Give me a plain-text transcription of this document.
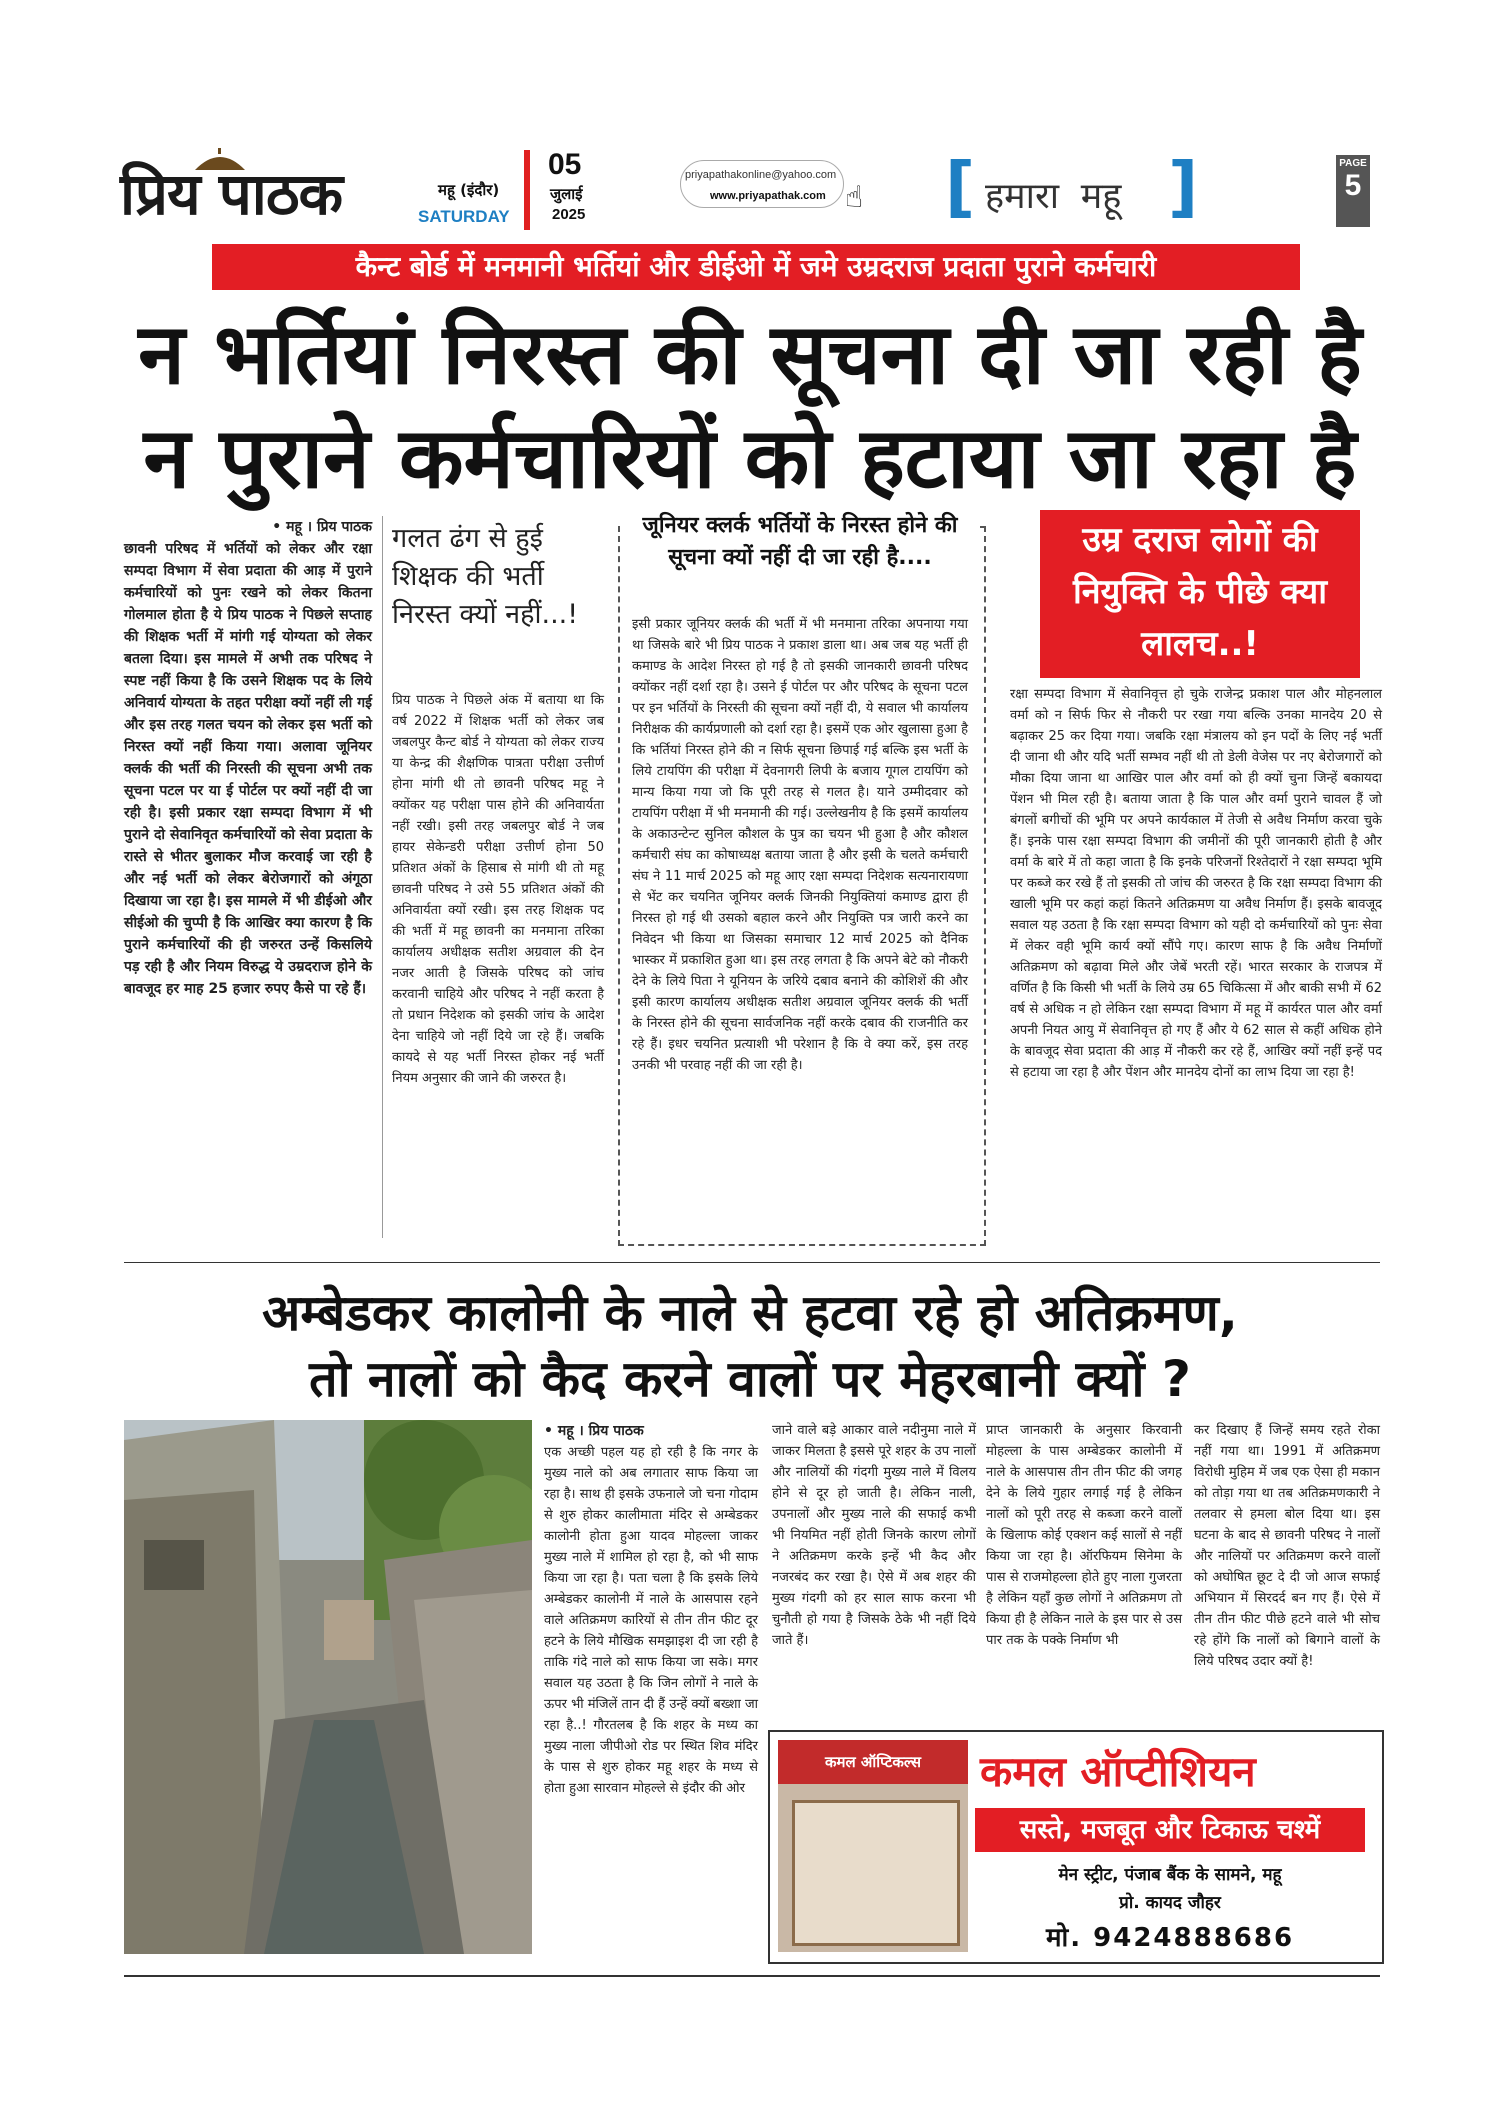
प्रिय पाठक	महू (इंदौर)
SATURDAY
05
जुलाई
2025
priyapathakonline@yahoo.com
www.priyapathak.com ☝ [ हमारा महू ]	PAGE
5
कैन्ट बोर्ड में मनमानी भर्तियां और डीईओ में जमे उम्रदराज प्रदाता पुराने कर्मचारी
न भर्तियां निरस्त की सूचना दी जा रही है
न पुराने कर्मचारियों को हटाया जा रहा है
• महू । प्रिय पाठक
छावनी परिषद में भर्तियों को लेकर और रक्षा सम्पदा विभाग में सेवा प्रदाता की आड़ में पुराने कर्मचारियों को पुनः रखने को लेकर कितना गोलमाल होता है ये प्रिय पाठक ने पिछले सप्ताह की शिक्षक भर्ती में मांगी गई योग्यता को लेकर बतला दिया। इस मामले में अभी तक परिषद ने स्पष्ट नहीं किया है कि उसने शिक्षक पद के लिये अनिवार्य योग्यता के तहत परीक्षा क्यों नहीं ली गई और इस तरह गलत चयन को लेकर इस भर्ती को निरस्त क्यों नहीं किया गया। अलावा जूनियर क्लर्क की भर्ती की निरस्ती की सूचना अभी तक सूचना पटल पर या ई पोर्टल पर क्यों नहीं दी जा रही है। इसी प्रकार रक्षा सम्पदा विभाग में भी पुराने दो सेवानिवृत कर्मचारियों को सेवा प्रदाता के रास्ते से भीतर बुलाकर मौज करवाई जा रही है और नई भर्ती को लेकर बेरोजगारों को अंगूठा दिखाया जा रहा है। इस मामले में भी डीईओ और सीईओ की चुप्पी है कि आखिर क्या कारण है कि पुराने कर्मचारियों की ही जरुरत उन्हें किसलिये पड़ रही है और नियम विरुद्ध ये उम्रदराज होने के बावजूद हर माह 25 हजार रुपए कैसे पा रहे हैं।
गलत ढंग से हुई शिक्षक की भर्ती निरस्त क्यों नहीं...!
प्रिय पाठक ने पिछले अंक में बताया था कि वर्ष 2022 में शिक्षक भर्ती को लेकर जब जबलपुर कैन्ट बोर्ड ने योग्यता को लेकर राज्य या केन्द्र की शैक्षणिक पात्रता परीक्षा उत्तीर्ण होना मांगी थी तो छावनी परिषद महू ने क्योंकर यह परीक्षा पास होने की अनिवार्यता नहीं रखी। इसी तरह जबलपुर बोर्ड ने जब हायर सेकेन्डरी परीक्षा उत्तीर्ण होना 50 प्रतिशत अंकों के हिसाब से मांगी थी तो महू छावनी परिषद ने उसे 55 प्रतिशत अंकों की अनिवार्यता क्यों रखी। इस तरह शिक्षक पद की भर्ती में महू छावनी का मनमाना तरिका कार्यालय अधीक्षक सतीश अग्रवाल की देन नजर आती है जिसके परिषद को जांच करवानी चाहिये और परिषद ने नहीं करता है तो प्रधान निदेशक को इसकी जांच के आदेश देना चाहिये जो नहीं दिये जा रहे हैं। जबकि कायदे से यह भर्ती निरस्त होकर नई भर्ती नियम अनुसार की जाने की जरुरत है।
जूनियर क्लर्क भर्तियों के निरस्त होने की सूचना क्यों नहीं दी जा रही है....
इसी प्रकार जूनियर क्लर्क की भर्ती में भी मनमाना तरिका अपनाया गया था जिसके बारे भी प्रिय पाठक ने प्रकाश डाला था। अब जब यह भर्ती ही कमाण्ड के आदेश निरस्त हो गई है तो इसकी जानकारी छावनी परिषद क्योंकर नहीं दर्शा रहा है। उसने ई पोर्टल पर और परिषद के सूचना पटल पर इन भर्तियों के निरस्ती की सूचना क्यों नहीं दी, ये सवाल भी कार्यालय निरीक्षक की कार्यप्रणाली को दर्शा रहा है। इसमें एक ओर खुलासा हुआ है कि भर्तियां निरस्त होने की न सिर्फ सूचना छिपाई गई बल्कि इस भर्ती के लिये टायपिंग की परीक्षा में देवनागरी लिपी के बजाय गूगल टायपिंग को मान्य किया गया जो कि पूरी तरह से गलत है। याने उम्मीदवार को टायपिंग परीक्षा में भी मनमानी की गई। उल्लेखनीय है कि इसमें कार्यालय के अकाउन्टेन्ट सुनिल कौशल के पुत्र का चयन भी हुआ है और कौशल कर्मचारी संघ का कोषाध्यक्ष बताया जाता है और इसी के चलते कर्मचारी संघ ने 11 मार्च 2025 को महू आए रक्षा सम्पदा निदेशक सत्यनारायणा से भेंट कर चयनित जूनियर क्लर्क जिनकी नियुक्तियां कमाण्ड द्वारा ही निरस्त हो गई थी उसको बहाल करने और नियुक्ति पत्र जारी करने का निवेदन भी किया था जिसका समाचार 12 मार्च 2025 को दैनिक भास्कर में प्रकाशित हुआ था। इस तरह लगता है कि अपने बेटे को नौकरी देने के लिये पिता ने यूनियन के जरिये दबाव बनाने की कोशिशें की और इसी कारण कार्यालय अधीक्षक सतीश अग्रवाल जूनियर क्लर्क की भर्ती के निरस्त होने की सूचना सार्वजनिक नहीं करके दबाव की राजनीति कर रहे हैं। इधर चयनित प्रत्याशी भी परेशान है कि वे क्या करें, इस तरह उनकी भी परवाह नहीं की जा रही है।
उम्र दराज लोगों की नियुक्ति के पीछे क्या लालच..!
रक्षा सम्पदा विभाग में सेवानिवृत्त हो चुके राजेन्द्र प्रकाश पाल और मोहनलाल वर्मा को न सिर्फ फिर से नौकरी पर रखा गया बल्कि उनका मानदेय 20 से बढ़ाकर 25 कर दिया गया। जबकि रक्षा मंत्रालय को इन पदों के लिए नई भर्ती दी जाना थी और यदि भर्ती सम्भव नहीं थी तो डेली वेजेस पर नए बेरोजगारों को मौका दिया जाना था आखिर पाल और वर्मा को ही क्यों चुना जिन्हें बकायदा पेंशन भी मिल रही है। बताया जाता है कि पाल और वर्मा पुराने चावल हैं जो बंगलों बगीचों की भूमि पर अपने कार्यकाल में तेजी से अवैध निर्माण करवा चुके हैं। इनके पास रक्षा सम्पदा विभाग की जमीनों की पूरी जानकारी होती है और वर्मा के बारे में तो कहा जाता है कि इनके परिजनों रिश्तेदारों ने रक्षा सम्पदा भूमि पर कब्जे कर रखे हैं तो इसकी तो जांच की जरुरत है कि रक्षा सम्पदा विभाग की खाली भूमि पर कहां कहां कितने अतिक्रमण या अवैध निर्माण हैं। इसके बावजूद सवाल यह उठता है कि रक्षा सम्पदा विभाग को यही दो कर्मचारियों को पुनः सेवा में लेकर वही भूमि कार्य क्यों सौंपे गए। कारण साफ है कि अवैध निर्माणों अतिक्रमण को बढ़ावा मिले और जेबें भरती रहें। भारत सरकार के राजपत्र में वर्णित है कि किसी भी भर्ती के लिये उम्र 65 चिकित्सा में और बाकी सभी में 62 वर्ष से अधिक न हो लेकिन रक्षा सम्पदा विभाग में महू में कार्यरत पाल और वर्मा अपनी नियत आयु में सेवानिवृत्त हो गए हैं और ये 62 साल से कहीं अधिक होने के बावजूद सेवा प्रदाता की आड़ में नौकरी कर रहे हैं, आखिर क्यों नहीं इन्हें पद से हटाया जा रहा है और पेंशन और मानदेय दोनों का लाभ दिया जा रहा है!
अम्बेडकर कालोनी के नाले से हटवा रहे हो अतिक्रमण,
तो नालों को कैद करने वालों पर मेहरबानी क्यों ?
• महू । प्रिय पाठक
एक अच्छी पहल यह हो रही है कि नगर के मुख्य नाले को अब लगातार साफ किया जा रहा है। साथ ही इसके उफनाले जो चना गोदाम से शुरु होकर कालीमाता मंदिर से अम्बेडकर कालोनी होता हुआ यादव मोहल्ला जाकर मुख्य नाले में शामिल हो रहा है, को भी साफ किया जा रहा है। पता चला है कि इसके लिये अम्बेडकर कालोनी में नाले के आसपास रहने वाले अतिक्रमण कारियों से तीन तीन फीट दूर हटने के लिये मौखिक समझाइश दी जा रही है ताकि गंदे नाले को साफ किया जा सके। मगर सवाल यह उठता है कि जिन लोगों ने नाले के ऊपर भी मंजिलें तान दी हैं उन्हें क्यों बख्शा जा रहा है..! गौरतलब है कि शहर के मध्य का मुख्य नाला जीपीओ रोड पर स्थित शिव मंदिर के पास से शुरु होकर महू शहर के मध्य से होता हुआ सारवान मोहल्ले से इंदौर की ओर
जाने वाले बड़े आकार वाले नदीनुमा नाले में जाकर मिलता है इससे पूरे शहर के उप नालों और नालियों की गंदगी मुख्य नाले में विलय होने से दूर हो जाती है। लेकिन नाली, उपनालों और मुख्य नाले की सफाई कभी भी नियमित नहीं होती जिनके कारण लोगों ने अतिक्रमण करके इन्हें भी कैद और नजरबंद कर रखा है। ऐसे में अब शहर की मुख्य गंदगी को हर साल साफ करना भी चुनौती हो गया है जिसके ठेके भी नहीं दिये जाते हैं।
प्राप्त जानकारी के अनुसार किरवानी मोहल्ला के पास अम्बेडकर कालोनी में नाले के आसपास तीन तीन फीट की जगह देने के लिये गुहार लगाई गई है लेकिन नालों को पूरी तरह से कब्जा करने वालों के खिलाफ कोई एक्शन कई सालों से नहीं किया जा रहा है। ऑरफियम सिनेमा के पास से राजमोहल्ला होते हुए नाला गुजरता है लेकिन यहाँ कुछ लोगों ने अतिक्रमण तो किया ही है लेकिन नाले के इस पार से उस पार तक के पक्के निर्माण भी
कर दिखाए हैं जिन्हें समय रहते रोका नहीं गया था। 1991 में अतिक्रमण विरोधी मुहिम में जब एक ऐसा ही मकान को तोड़ा गया था तब अतिक्रमणकारी ने तलवार से हमला बोल दिया था। इस घटना के बाद से छावनी परिषद ने नालों और नालियों पर अतिक्रमण करने वालों को अघोषित छूट दे दी जो आज सफाई अभियान में सिरदर्द बन गए हैं। ऐसे में तीन तीन फीट पीछे हटने वाले भी सोच रहे होंगे कि नालों को बिगाने वालों के लिये परिषद उदार क्यों है!
कमल ऑप्टिकल्स	कमल ऑप्टीशियन
सस्ते, मजबूत और टिकाऊ चश्में
मेन स्ट्रीट, पंजाब बैंक के सामने, महू
प्रो. कायद जौहर
मो. 9424888686
